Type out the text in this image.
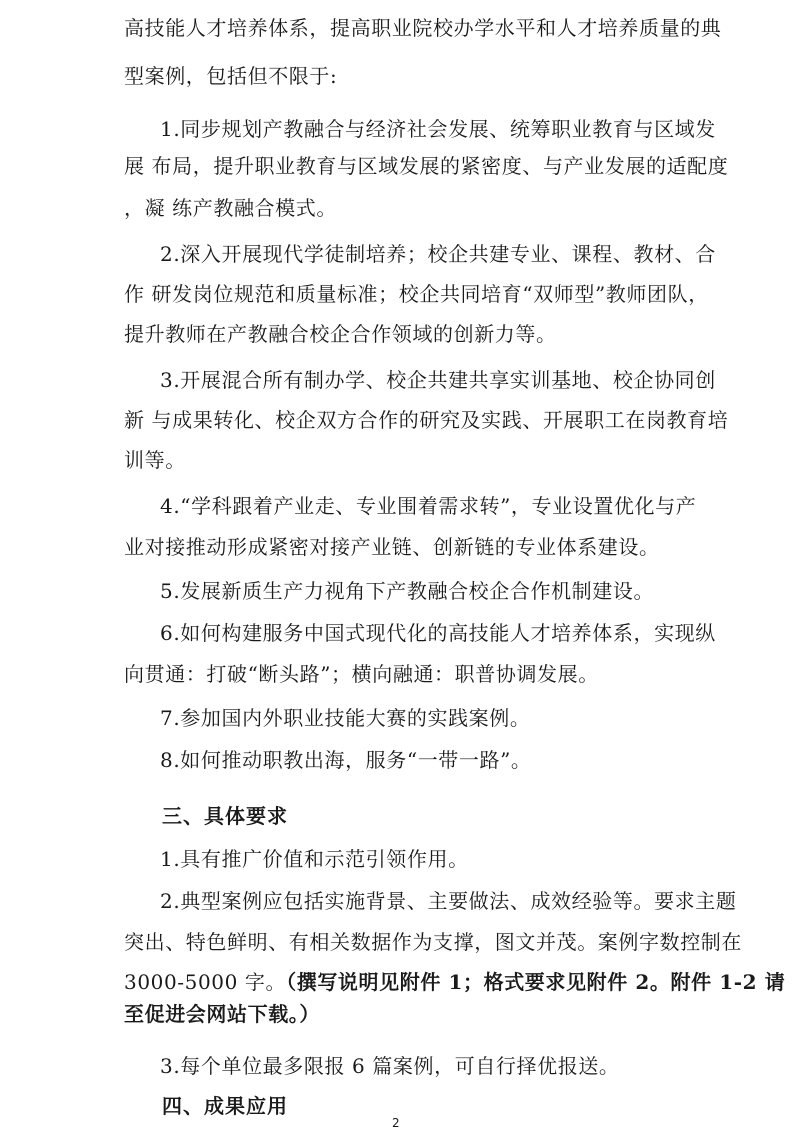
高技能人才培养体系，提高职业院校办学水平和人才培养质量的典
型案例，包括但不限于:
1.同步规划产教融合与经济社会发展、统筹职业教育与区域发
展 布局，提升职业教育与区域发展的紧密度、与产业发展的适配度
，凝 练产教融合模式。
2.深入开展现代学徒制培养；校企共建专业、课程、教材、合
作 研发岗位规范和质量标准；校企共同培育“双师型”教师团队，
提升教师在产教融合校企合作领域的创新力等。
3.开展混合所有制办学、校企共建共享实训基地、校企协同创
新 与成果转化、校企双方合作的研究及实践、开展职工在岗教育培
训等。
4.“学科跟着产业走、专业围着需求转”，专业设置优化与产
业对接推动形成紧密对接产业链、创新链的专业体系建设。
5.发展新质生产力视角下产教融合校企合作机制建设。
6.如何构建服务中国式现代化的高技能人才培养体系，实现纵
向贯通：打破“断头路”；横向融通：职普协调发展。
7.参加国内外职业技能大赛的实践案例。
8.如何推动职教出海，服务“一带一路”。
三、具体要求
1.具有推广价值和示范引领作用。
2.典型案例应包括实施背景、主要做法、成效经验等。要求主题
突出、特色鲜明、有相关数据作为支撑，图文并茂。案例字数控制在
3000-5000 字。（撰写说明见附件 1；格式要求见附件 2。附件 1-2 请
至促进会网站下载。）
3.每个单位最多限报 6 篇案例，可自行择优报送。
四、成果应用
2
